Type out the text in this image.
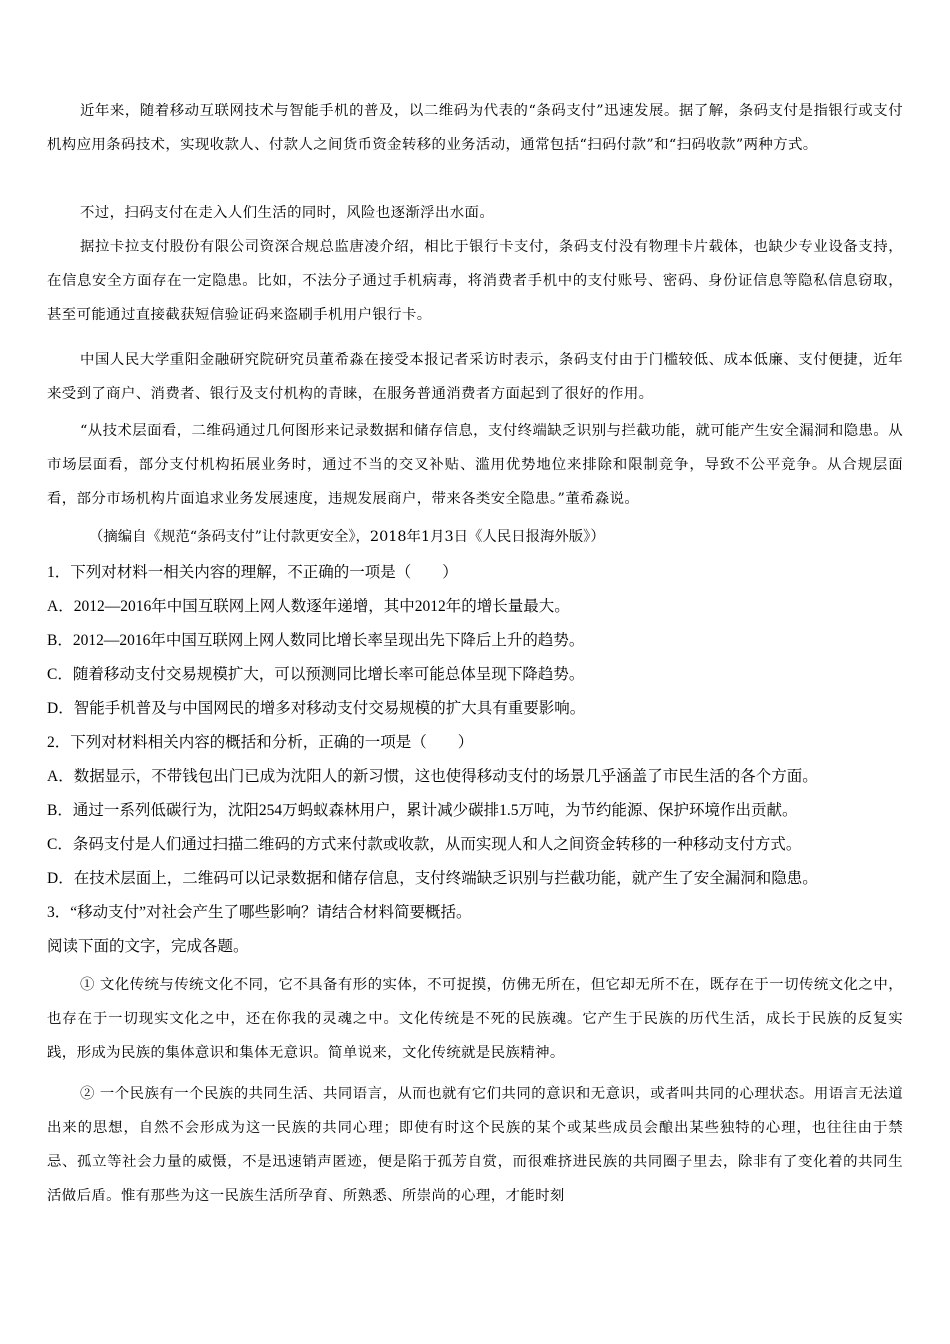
近年来，随着移动互联网技术与智能手机的普及，以二维码为代表的“条码支付”迅速发展。据了解，条码支付是指银行或支付机构应用条码技术，实现收款人、付款人之间货币资金转移的业务活动，通常包括“扫码付款”和“扫码收款”两种方式。

不过，扫码支付在走入人们生活的同时，风险也逐渐浮出水面。

据拉卡拉支付股份有限公司资深合规总监唐凌介绍，相比于银行卡支付，条码支付没有物理卡片载体，也缺少专业设备支持，在信息安全方面存在一定隐患。比如，不法分子通过手机病毒，将消费者手机中的支付账号、密码、身份证信息等隐私信息窃取，甚至可能通过直接截获短信验证码来盗刷手机用户银行卡。

中国人民大学重阳金融研究院研究员董希淼在接受本报记者采访时表示，条码支付由于门槛较低、成本低廉、支付便捷，近年来受到了商户、消费者、银行及支付机构的青睐，在服务普通消费者方面起到了很好的作用。

“从技术层面看，二维码通过几何图形来记录数据和储存信息，支付终端缺乏识别与拦截功能，就可能产生安全漏洞和隐患。从市场层面看，部分支付机构拓展业务时，通过不当的交叉补贴、滥用优势地位来排除和限制竞争，导致不公平竞争。从合规层面看，部分市场机构片面追求业务发展速度，违规发展商户，带来各类安全隐患。”董希淼说。

（摘编自《规范“条码支付”让付款更安全》，2018年1月3日《人民日报海外版》）

1．下列对材料一相关内容的理解，不正确的一项是（　　）

A．2012—2016年中国互联网上网人数逐年递增，其中2012年的增长量最大。

B．2012—2016年中国互联网上网人数同比增长率呈现出先下降后上升的趋势。

C．随着移动支付交易规模扩大，可以预测同比增长率可能总体呈现下降趋势。

D．智能手机普及与中国网民的增多对移动支付交易规模的扩大具有重要影响。

2．下列对材料相关内容的概括和分析，正确的一项是（　　）

A．数据显示，不带钱包出门已成为沈阳人的新习惯，这也使得移动支付的场景几乎涵盖了市民生活的各个方面。

B．通过一系列低碳行为，沈阳254万蚂蚁森林用户，累计减少碳排1.5万吨，为节约能源、保护环境作出贡献。

C．条码支付是人们通过扫描二维码的方式来付款或收款，从而实现人和人之间资金转移的一种移动支付方式。

D．在技术层面上，二维码可以记录数据和储存信息，支付终端缺乏识别与拦截功能，就产生了安全漏洞和隐患。

3．“移动支付”对社会产生了哪些影响？请结合材料简要概括。

阅读下面的文字，完成各题。

① 文化传统与传统文化不同，它不具备有形的实体，不可捉摸，仿佛无所在，但它却无所不在，既存在于一切传统文化之中，也存在于一切现实文化之中，还在你我的灵魂之中。文化传统是不死的民族魂。它产生于民族的历代生活，成长于民族的反复实践，形成为民族的集体意识和集体无意识。简单说来，文化传统就是民族精神。

② 一个民族有一个民族的共同生活、共同语言，从而也就有它们共同的意识和无意识，或者叫共同的心理状态。用语言无法道出来的思想，自然不会形成为这一民族的共同心理；即使有时这个民族的某个或某些成员会酿出某些独特的心理，也往往由于禁忌、孤立等社会力量的威慑，不是迅速销声匿迹，便是陷于孤芳自赏，而很难挤进民族的共同圈子里去，除非有了变化着的共同生活做后盾。惟有那些为这一民族生活所孕育、所熟悉、所崇尚的心理，才能时刻
